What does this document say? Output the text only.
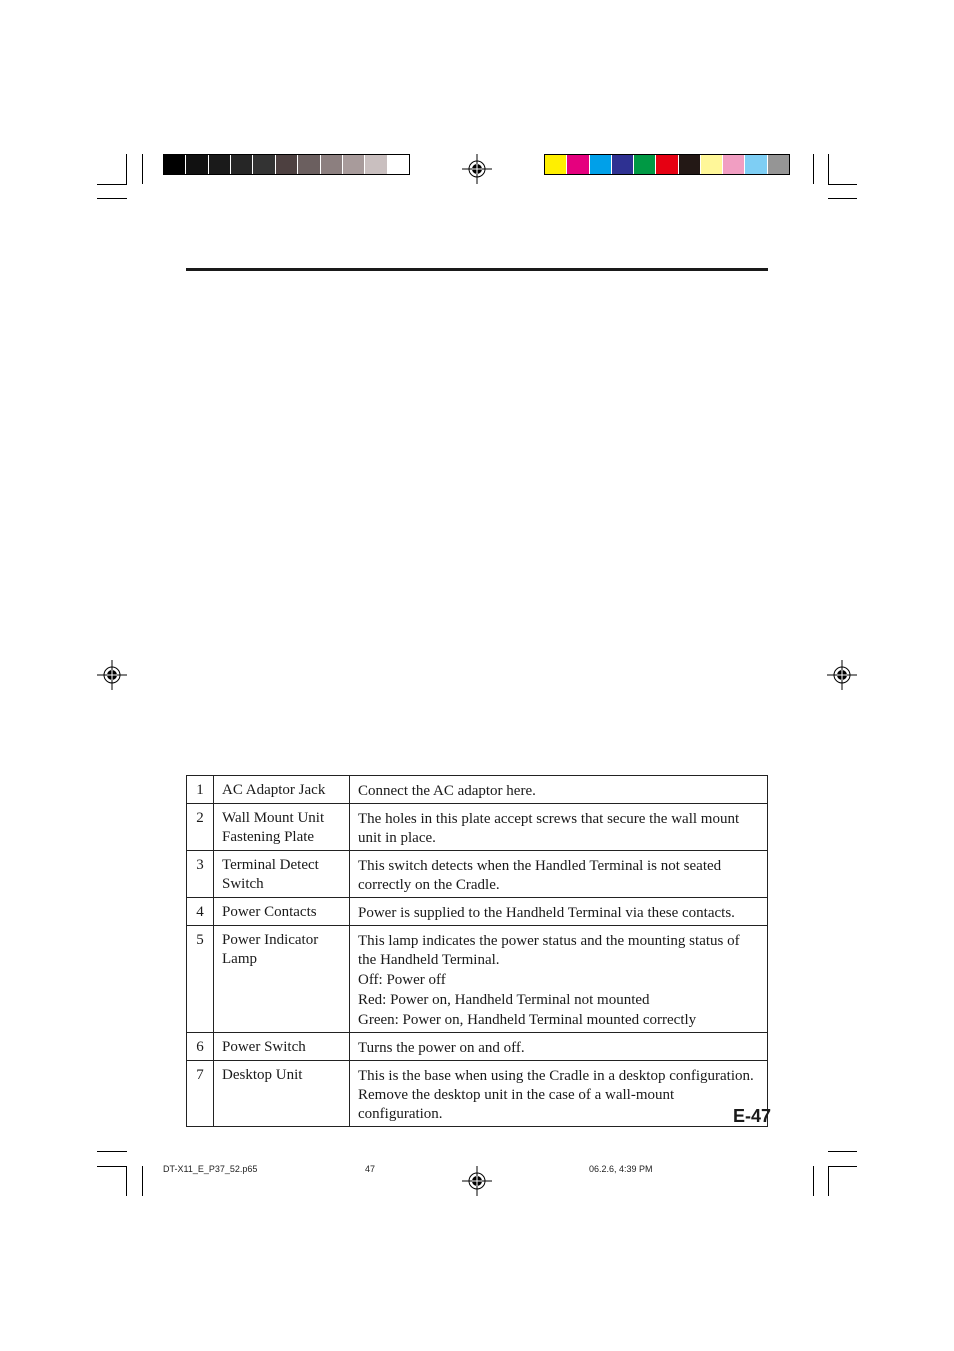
1	AC Adaptor Jack	Connect the AC adaptor here.

2	Wall Mount Unit Fastening Plate	The holes in this plate accept screws that secure the wall mount unit in place.

3	Terminal Detect Switch	This switch detects when the Handled Terminal is not seated correctly on the Cradle.

4	Power Contacts	Power is supplied to the Handheld Terminal via these contacts.

5	Power Indicator Lamp	This lamp indicates the power status and the mounting status of the Handheld Terminal.
Off: Power off
Red: Power on, Handheld Terminal not mounted
Green: Power on, Handheld Terminal mounted correctly

6	Power Switch	Turns the power on and off.

7	Desktop Unit	This is the base when using the Cradle in a desktop configuration. Remove the desktop unit in the case of a wall-mount configuration.	E-47
DT-X11_E_P37_52.p65	47	06.2.6, 4:39 PM
